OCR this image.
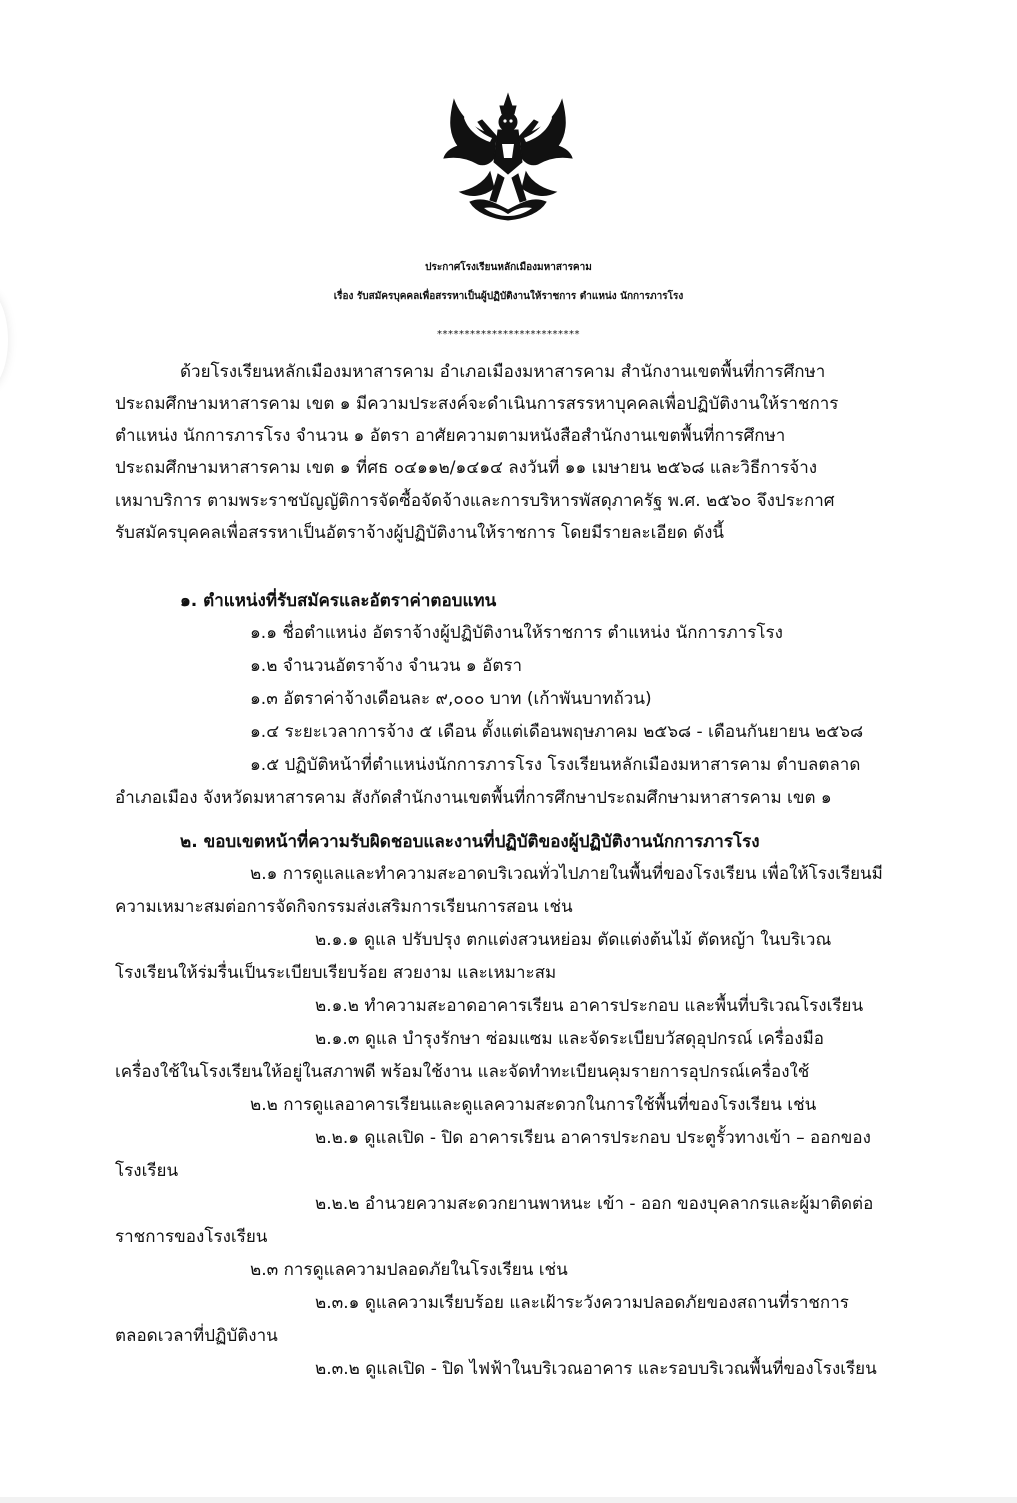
ประกาศโรงเรียนหลักเมืองมหาสารคาม
เรื่อง รับสมัครบุคคลเพื่อสรรหาเป็นผู้ปฏิบัติงานให้ราชการ ตำแหน่ง นักการภารโรง
**************************
ด้วยโรงเรียนหลักเมืองมหาสารคาม อำเภอเมืองมหาสารคาม สำนักงานเขตพื้นที่การศึกษา
ประถมศึกษามหาสารคาม เขต ๑ มีความประสงค์จะดำเนินการสรรหาบุคคลเพื่อปฏิบัติงานให้ราชการ
ตำแหน่ง นักการภารโรง จำนวน ๑ อัตรา อาศัยความตามหนังสือสำนักงานเขตพื้นที่การศึกษา
ประถมศึกษามหาสารคาม เขต ๑ ที่ศธ ๐๔๑๑๒/๑๔๑๔ ลงวันที่ ๑๑ เมษายน ๒๕๖๘ และวิธีการจ้าง
เหมาบริการ ตามพระราชบัญญัติการจัดซื้อจัดจ้างและการบริหารพัสดุภาครัฐ พ.ศ. ๒๕๖๐ จึงประกาศ
รับสมัครบุคคลเพื่อสรรหาเป็นอัตราจ้างผู้ปฏิบัติงานให้ราชการ โดยมีรายละเอียด ดังนี้
๑. ตำแหน่งที่รับสมัครและอัตราค่าตอบแทน
๑.๑ ชื่อตำแหน่ง อัตราจ้างผู้ปฏิบัติงานให้ราชการ ตำแหน่ง นักการภารโรง
๑.๒ จำนวนอัตราจ้าง จำนวน ๑ อัตรา
๑.๓ อัตราค่าจ้างเดือนละ ๙,๐๐๐ บาท (เก้าพันบาทถ้วน)
๑.๔ ระยะเวลาการจ้าง ๕ เดือน ตั้งแต่เดือนพฤษภาคม ๒๕๖๘ - เดือนกันยายน ๒๕๖๘
๑.๕ ปฏิบัติหน้าที่ตำแหน่งนักการภารโรง โรงเรียนหลักเมืองมหาสารคาม ตำบลตลาด
อำเภอเมือง จังหวัดมหาสารคาม สังกัดสำนักงานเขตพื้นที่การศึกษาประถมศึกษามหาสารคาม เขต ๑
๒. ขอบเขตหน้าที่ความรับผิดชอบและงานที่ปฏิบัติของผู้ปฏิบัติงานนักการภารโรง
๒.๑ การดูแลและทำความสะอาดบริเวณทั่วไปภายในพื้นที่ของโรงเรียน เพื่อให้โรงเรียนมี
ความเหมาะสมต่อการจัดกิจกรรมส่งเสริมการเรียนการสอน เช่น
๒.๑.๑ ดูแล ปรับปรุง ตกแต่งสวนหย่อม ตัดแต่งต้นไม้ ตัดหญ้า ในบริเวณ
โรงเรียนให้ร่มรื่นเป็นระเบียบเรียบร้อย สวยงาม และเหมาะสม
๒.๑.๒ ทำความสะอาดอาคารเรียน อาคารประกอบ และพื้นที่บริเวณโรงเรียน
๒.๑.๓ ดูแล บำรุงรักษา ซ่อมแซม และจัดระเบียบวัสดุอุปกรณ์ เครื่องมือ
เครื่องใช้ในโรงเรียนให้อยู่ในสภาพดี พร้อมใช้งาน และจัดทำทะเบียนคุมรายการอุปกรณ์เครื่องใช้
๒.๒ การดูแลอาคารเรียนและดูแลความสะดวกในการใช้พื้นที่ของโรงเรียน เช่น
๒.๒.๑ ดูแลเปิด - ปิด อาคารเรียน อาคารประกอบ ประตูรั้วทางเข้า – ออกของ
โรงเรียน
๒.๒.๒ อำนวยความสะดวกยานพาหนะ เข้า - ออก ของบุคลากรและผู้มาติดต่อ
ราชการของโรงเรียน
๒.๓ การดูแลความปลอดภัยในโรงเรียน เช่น
๒.๓.๑ ดูแลความเรียบร้อย และเฝ้าระวังความปลอดภัยของสถานที่ราชการ
ตลอดเวลาที่ปฏิบัติงาน
๒.๓.๒ ดูแลเปิด - ปิด ไฟฟ้าในบริเวณอาคาร และรอบบริเวณพื้นที่ของโรงเรียน
